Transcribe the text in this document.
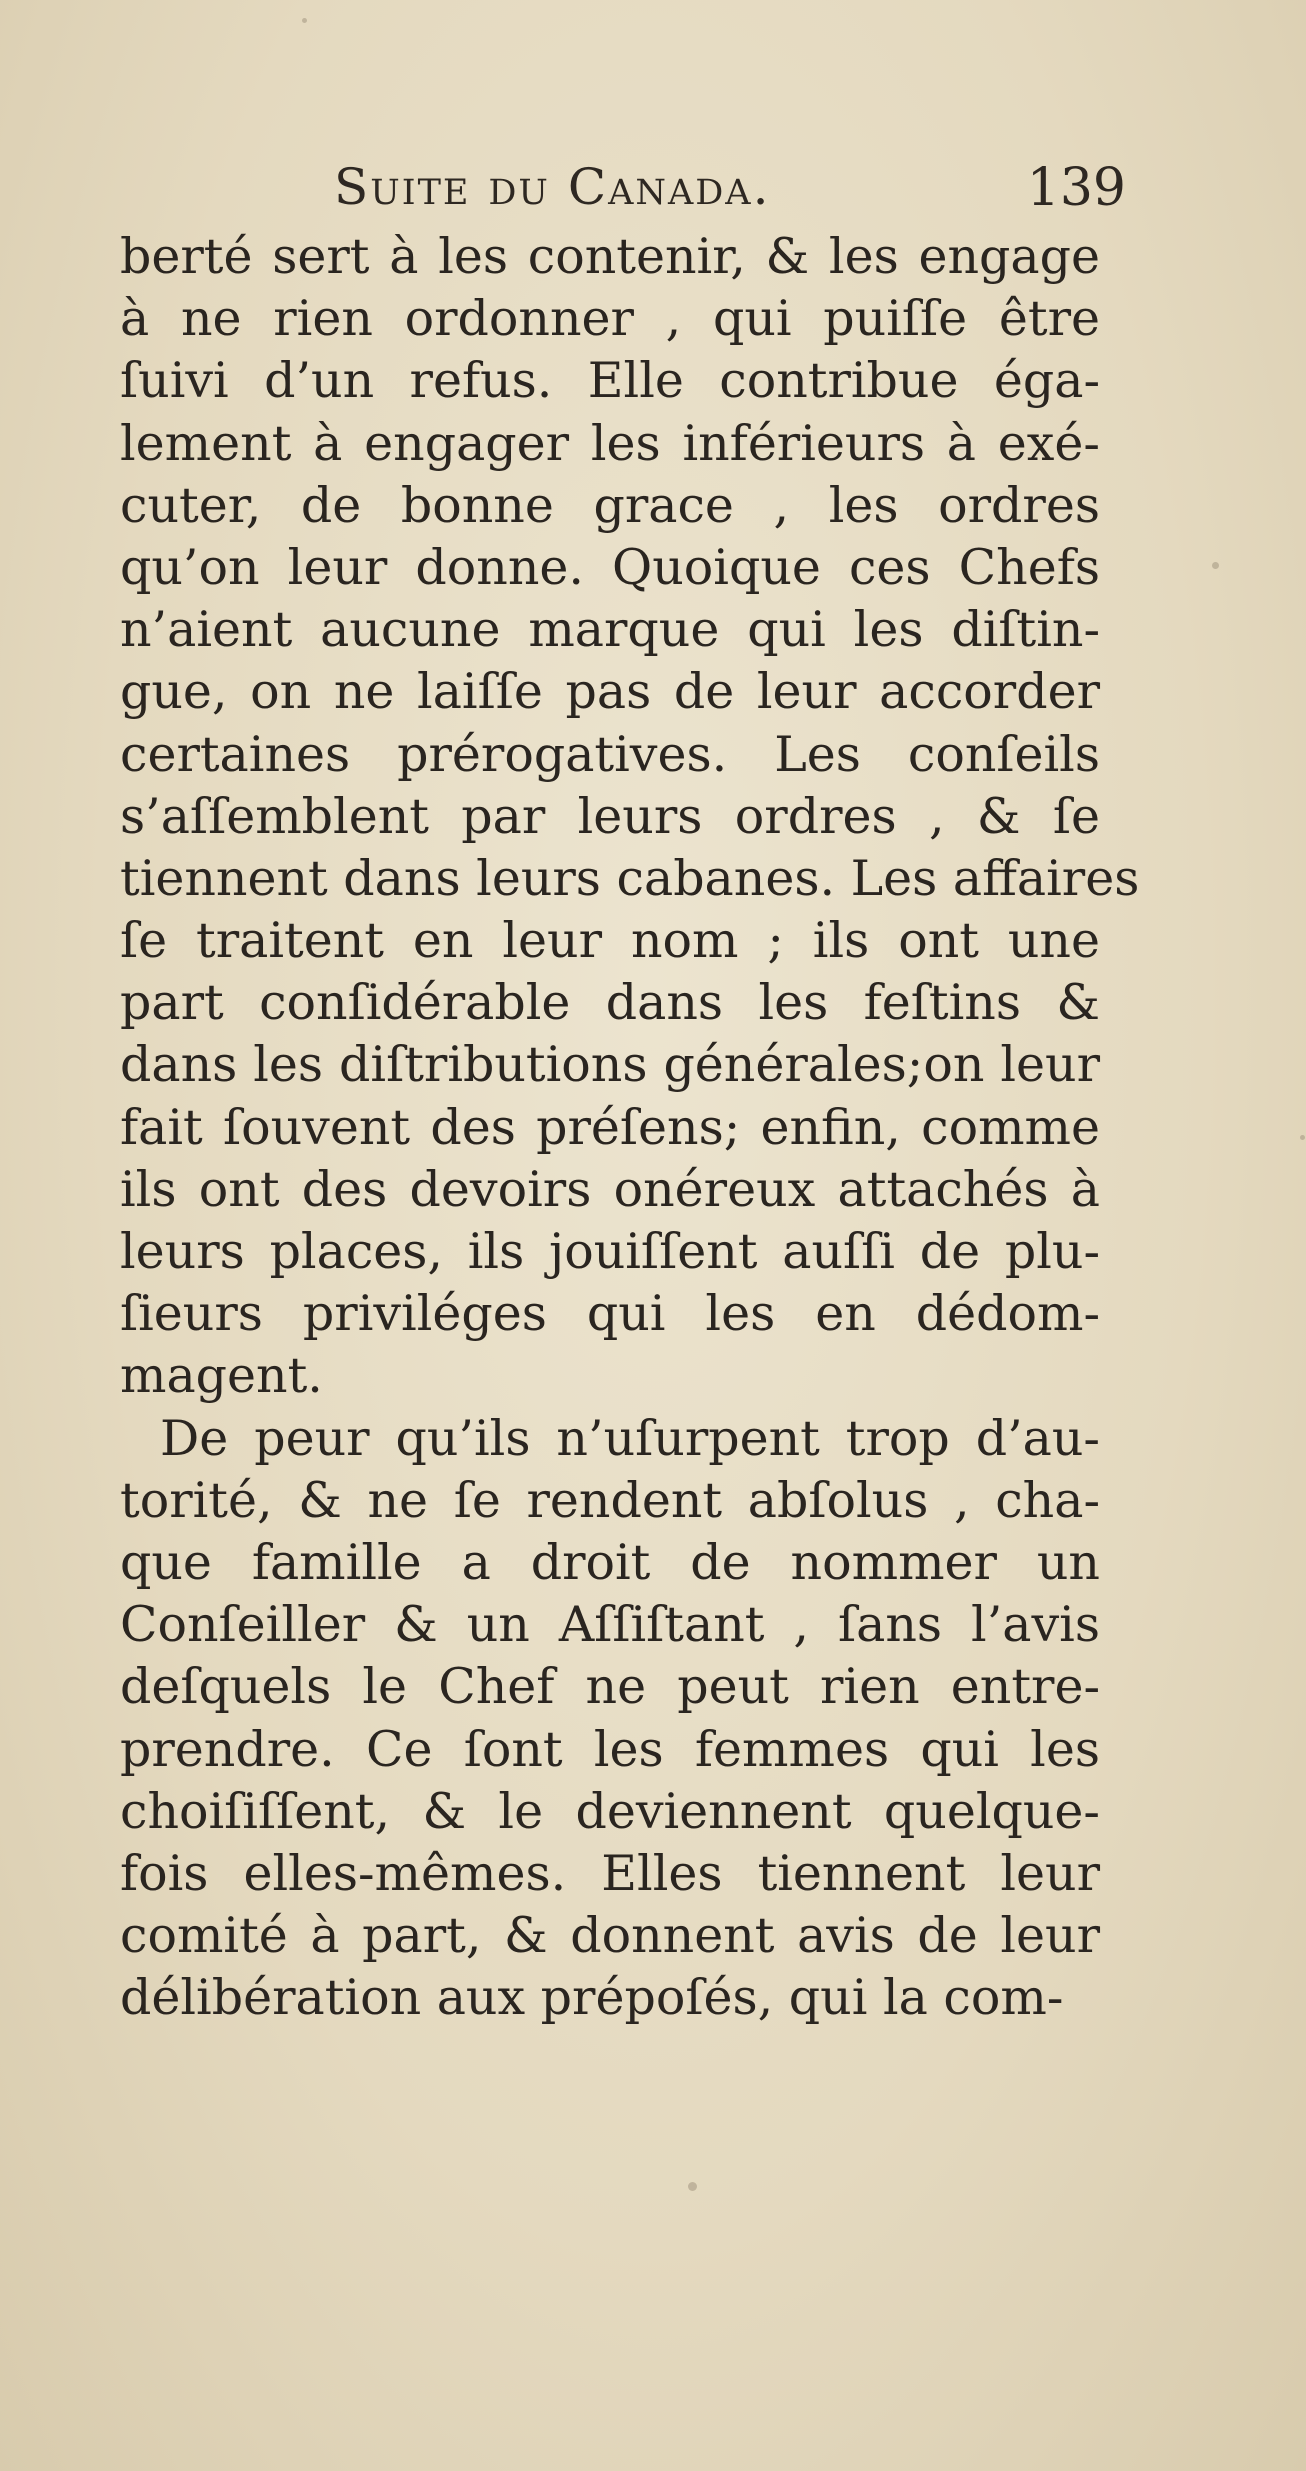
Suite du Canada.	139
berté sert à les contenir, & les engage
à ne rien ordonner , qui puiſſe être
ſuivi d’un refus. Elle contribue éga-
lement à engager les inférieurs à exé-
cuter, de bonne grace , les ordres
qu’on leur donne. Quoique ces Chefs
n’aient aucune marque qui les diſtin-
gue, on ne laiſſe pas de leur accorder
certaines prérogatives. Les conſeils
s’aſſemblent par leurs ordres , & ſe
tiennent dans leurs cabanes. Les affaires
ſe traitent en leur nom ; ils ont une
part conſidérable dans les feſtins &
dans les diſtributions générales;on leur
fait ſouvent des préſens; enfin, comme
ils ont des devoirs onéreux attachés à
leurs places, ils jouiſſent auſſi de plu-
ſieurs priviléges qui les en dédom-
magent.
De peur qu’ils n’uſurpent trop d’au-
torité, & ne ſe rendent abſolus , cha-
que famille a droit de nommer un
Conſeiller & un Aſſiſtant , ſans l’avis
deſquels le Chef ne peut rien entre-
prendre. Ce ſont les femmes qui les
choiſiſſent, & le deviennent quelque-
fois elles-mêmes. Elles tiennent leur
comité à part, & donnent avis de leur
délibération aux prépoſés, qui la com-
